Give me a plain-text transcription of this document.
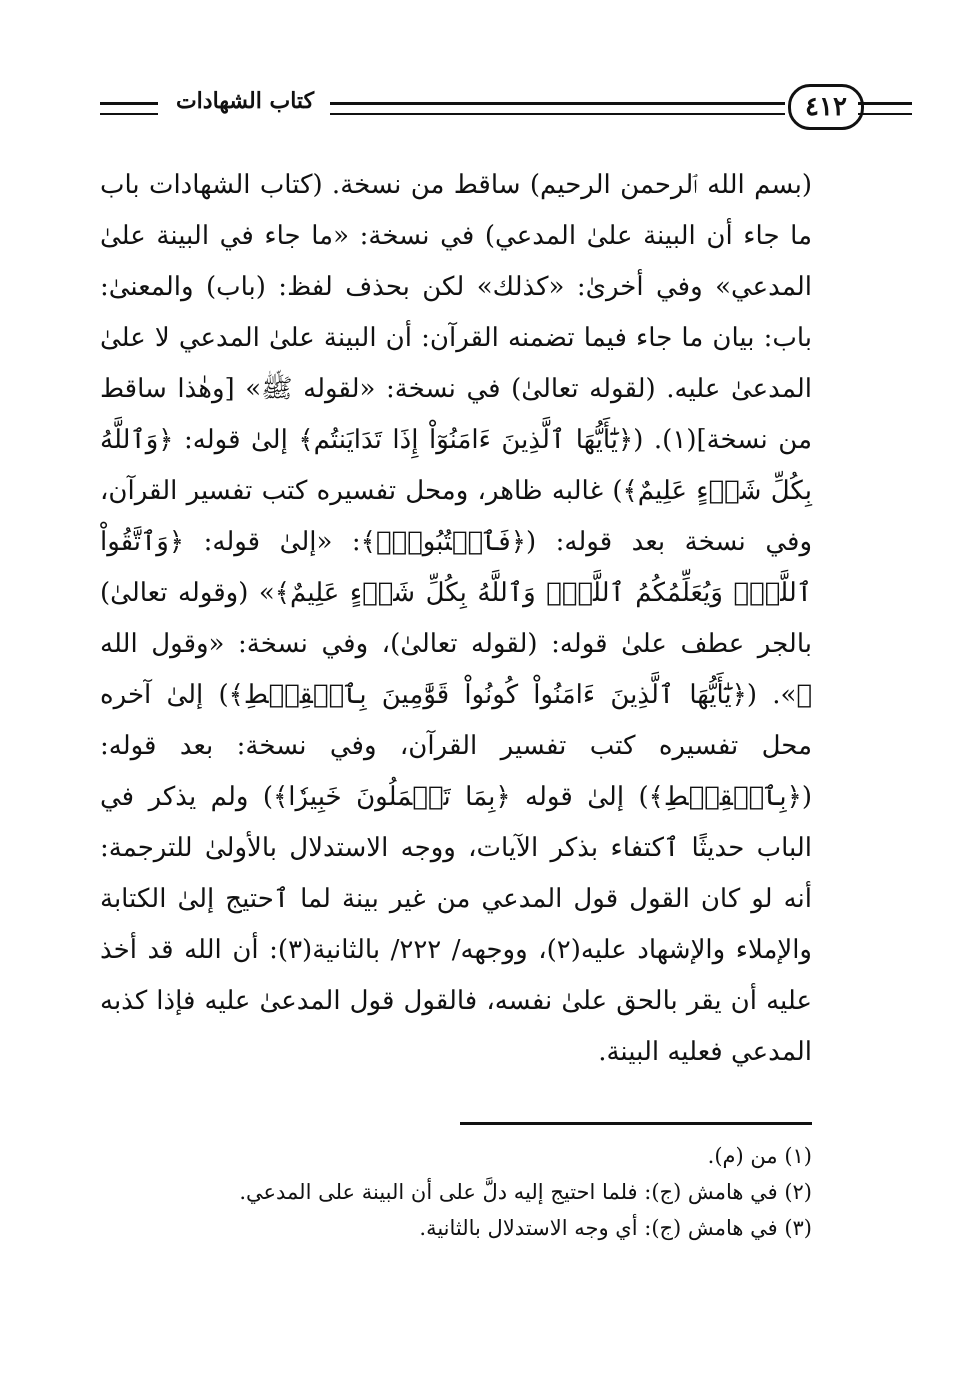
كتاب الشهادات	٤١٢

(بسم الله ٱلرحمن الرحيم) ساقط من نسخة. (كتاب الشهادات باب ما جاء أن البينة علىٰ المدعي) في نسخة: «ما جاء في البينة علىٰ المدعي» وفي أخرىٰ: «كذلك» لكن بحذف لفظ: (باب) والمعنىٰ: باب: بيان ما جاء فيما تضمنه القرآن: أن البينة علىٰ المدعي لا علىٰ المدعىٰ عليه. (لقوله تعالىٰ) في نسخة: «لقوله ﷺ» [وهٰذا ساقط من نسخة](١). (﴿يَٰٓأَيُّهَا ٱلَّذِينَ ءَامَنُوٓاْ إِذَا تَدَايَنتُم﴾ إلىٰ قوله: ﴿وَٱللَّهُ بِكُلِّ شَيۡءٍ عَلِيمٌ﴾) غالبه ظاهر، ومحل تفسيره كتب تفسير القرآن، وفي نسخة بعد قوله: (﴿فَٱكۡتُبُوهُۚ﴾: «إلىٰ قوله: ﴿وَٱتَّقُواْ ٱللَّهَۖ وَيُعَلِّمُكُمُ ٱللَّهُۗ وَٱللَّهُ بِكُلِّ شَيۡءٍ عَلِيمٌ﴾» (وقوله تعالىٰ) بالجر عطف علىٰ قوله: (لقوله تعالىٰ)، وفي نسخة: «وقول الله ﷺ». (﴿يَٰٓأَيُّهَا ٱلَّذِينَ ءَامَنُواْ كُونُواْ قَوَّٰمِينَ بِٱلۡقِسۡطِ﴾) إلىٰ آخره محل تفسيره كتب تفسير القرآن، وفي نسخة: بعد قوله: (﴿بِٱلۡقِسۡطِ﴾) إلىٰ قوله ﴿بِمَا تَعۡمَلُونَ خَبِيرٗا﴾) ولم يذكر في الباب حديثًا ٱكتفاء بذكر الآيات، ووجه الاستدلال بالأولىٰ للترجمة: أنه لو كان القول قول المدعي من غير بينة لما ٱحتيج إلىٰ الكتابة والإملاء والإشهاد عليه(٢)، ووجهه/ ٢٢٢/ بالثانية(٣): أن الله قد أخذ عليه أن يقر بالحق علىٰ نفسه، فالقول قول المدعىٰ عليه فإذا كذبه المدعي فعليه البينة.

(١) من (م).
(٢) في هامش (ج): فلما احتيج إليه دلَّ على أن البينة على المدعي.
(٣) في هامش (ج): أي وجه الاستدلال بالثانية.
